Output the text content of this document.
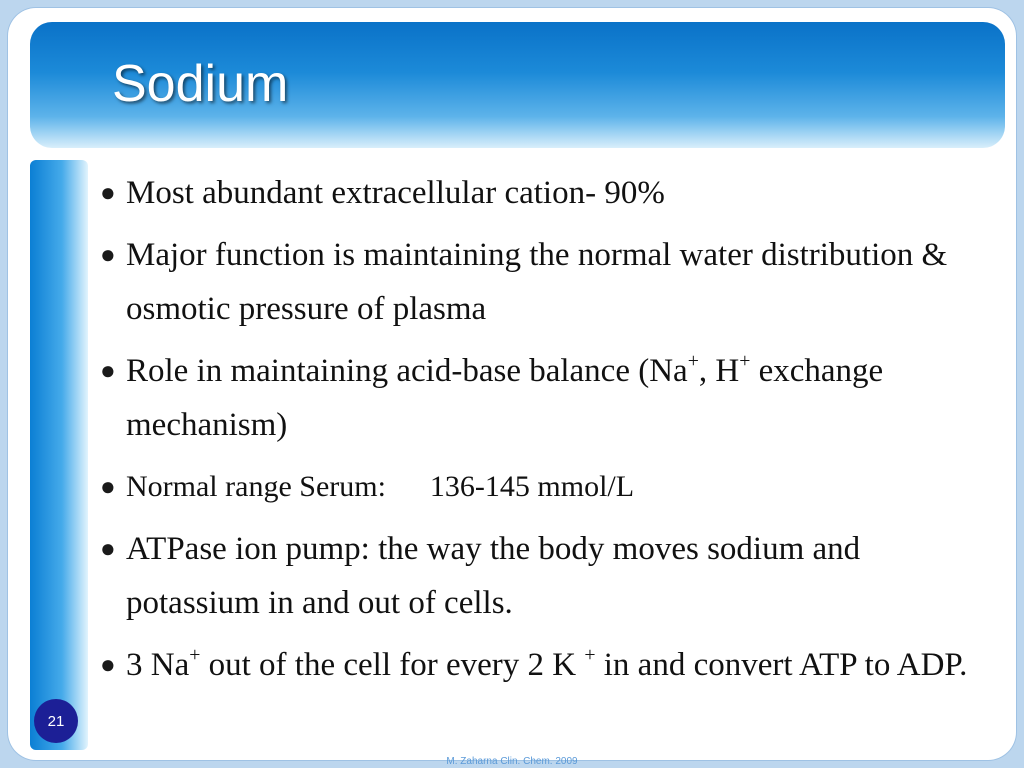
Sodium
21
● Most abundant extracellular cation- 90%
● Major function is maintaining the normal water distribution & osmotic pressure of plasma
● Role in maintaining acid-base balance (Na+, H+ exchange mechanism)
● Normal range Serum: 136-145 mmol/L
● ATPase ion pump: the way the body moves sodium and potassium in and out of cells.
● 3 Na+ out of the cell for every 2 K + in and convert ATP to ADP.
M. Zaharna Clin. Chem. 2009
